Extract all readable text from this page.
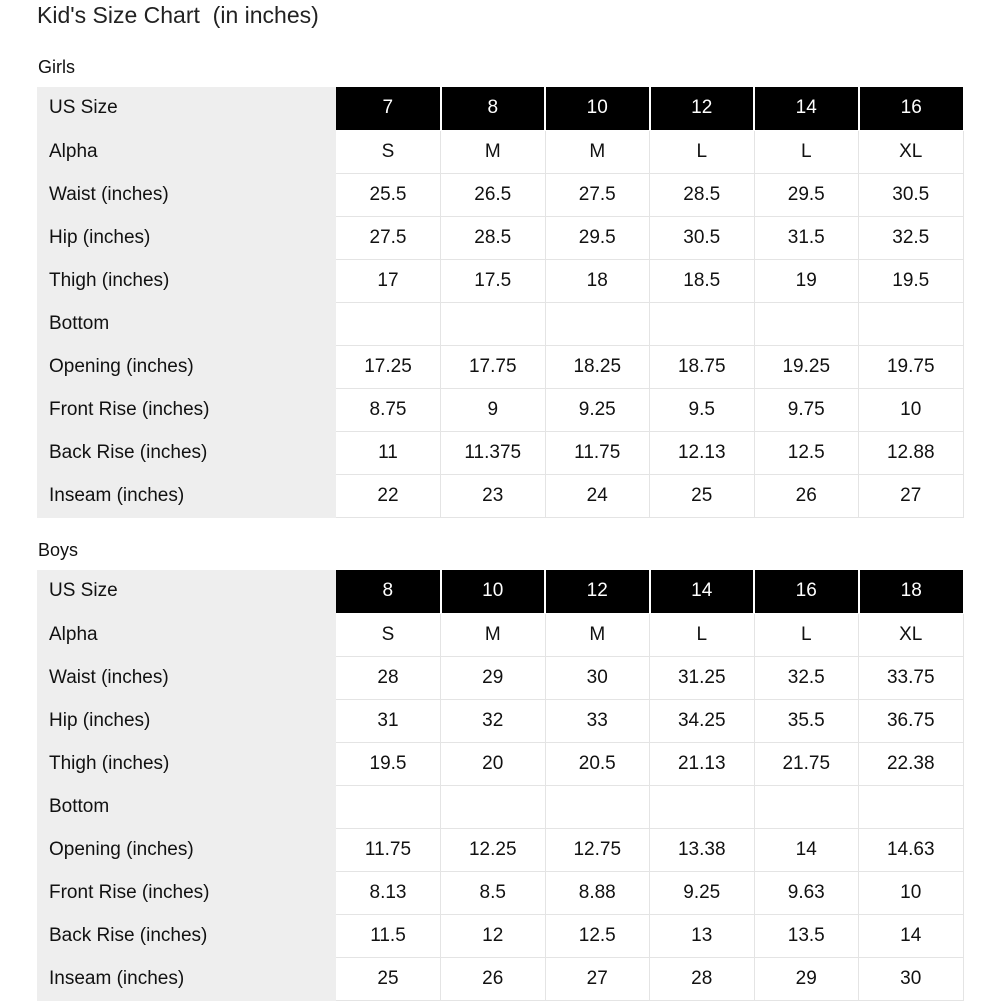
Kid's Size Chart  (in inches)
Girls
US Size	7	8	10	12	14	16
Alpha	S	M	M	L	L	XL
Waist (inches)	25.5	26.5	27.5	28.5	29.5	30.5
Hip (inches)	27.5	28.5	29.5	30.5	31.5	32.5
Thigh (inches)	17	17.5	18	18.5	19	19.5
Bottom						
Opening (inches)	17.25	17.75	18.25	18.75	19.25	19.75
Front Rise (inches)	8.75	9	9.25	9.5	9.75	10
Back Rise (inches)	11	11.375	11.75	12.13	12.5	12.88
Inseam (inches)	22	23	24	25	26	27
Boys
US Size	8	10	12	14	16	18
Alpha	S	M	M	L	L	XL
Waist (inches)	28	29	30	31.25	32.5	33.75
Hip (inches)	31	32	33	34.25	35.5	36.75
Thigh (inches)	19.5	20	20.5	21.13	21.75	22.38
Bottom						
Opening (inches)	11.75	12.25	12.75	13.38	14	14.63
Front Rise (inches)	8.13	8.5	8.88	9.25	9.63	10
Back Rise (inches)	11.5	12	12.5	13	13.5	14
Inseam (inches)	25	26	27	28	29	30
